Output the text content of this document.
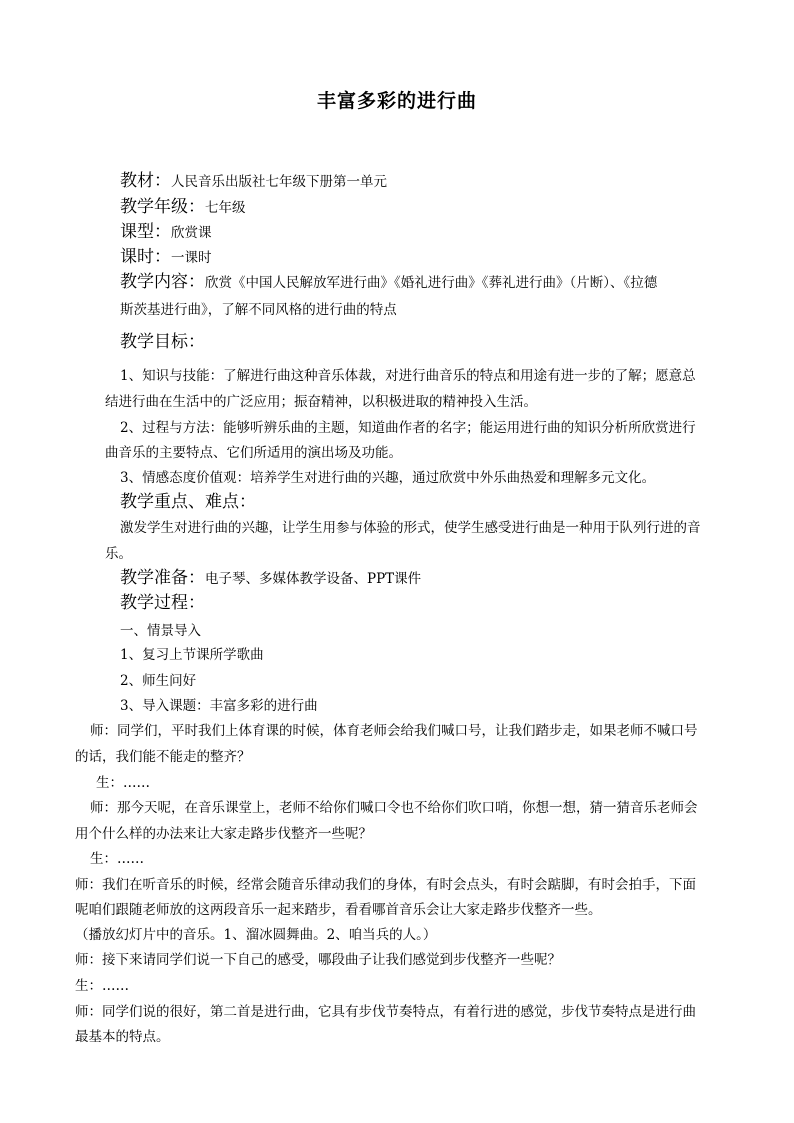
丰富多彩的进行曲
教材：人民音乐出版社七年级下册第一单元
教学年级：七年级
课型：欣赏课
课时：一课时
教学内容：欣赏《中国人民解放军进行曲》《婚礼进行曲》《葬礼进行曲》（片断）、《拉德
斯茨基进行曲》，了解不同风格的进行曲的特点
教学目标：
1、知识与技能：了解进行曲这种音乐体裁，对进行曲音乐的特点和用途有进一步的了解；愿意总
结进行曲在生活中的广泛应用；振奋精神，以积极进取的精神投入生活。
2、过程与方法：能够听辨乐曲的主题，知道曲作者的名字；能运用进行曲的知识分析所欣赏进行
曲音乐的主要特点、它们所适用的演出场及功能。
3、情感态度价值观：培养学生对进行曲的兴趣，通过欣赏中外乐曲热爱和理解多元文化。
教学重点、难点：
激发学生对进行曲的兴趣，让学生用参与体验的形式，使学生感受进行曲是一种用于队列行进的音
乐。
教学准备：电子琴、多媒体教学设备、PPT课件
教学过程：
一、情景导入
1、复习上节课所学歌曲
2、师生问好
3、导入课题：丰富多彩的进行曲
师：同学们，平时我们上体育课的时候，体育老师会给我们喊口号，让我们踏步走，如果老师不喊口号
的话，我们能不能走的整齐？
生：……
师：那今天呢，在音乐课堂上，老师不给你们喊口令也不给你们吹口哨，你想一想，猜一猜音乐老师会
用个什么样的办法来让大家走路步伐整齐一些呢？
生：……
师：我们在听音乐的时候，经常会随音乐律动我们的身体，有时会点头，有时会踮脚，有时会拍手，下面
呢咱们跟随老师放的这两段音乐一起来踏步，看看哪首音乐会让大家走路步伐整齐一些。
（播放幻灯片中的音乐。1、溜冰圆舞曲。2、咱当兵的人。）
师：接下来请同学们说一下自己的感受，哪段曲子让我们感觉到步伐整齐一些呢？
生：……
师：同学们说的很好，第二首是进行曲，它具有步伐节奏特点，有着行进的感觉，步伐节奏特点是进行曲
最基本的特点。
